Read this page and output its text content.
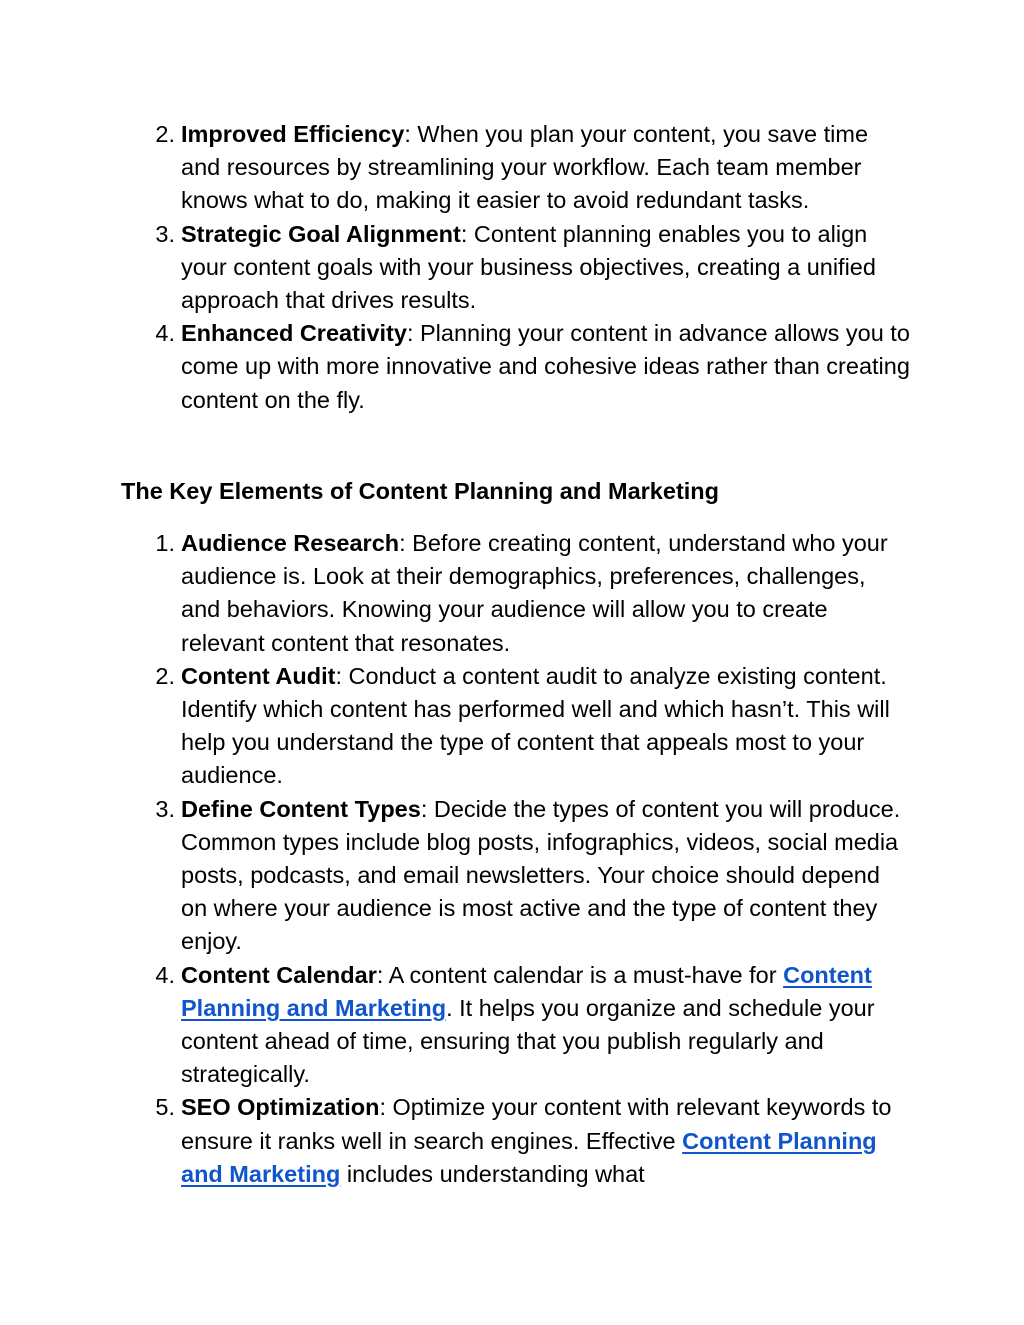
2. Improved Efficiency: When you plan your content, you save time and resources by streamlining your workflow. Each team member knows what to do, making it easier to avoid redundant tasks.
3. Strategic Goal Alignment: Content planning enables you to align your content goals with your business objectives, creating a unified approach that drives results.
4. Enhanced Creativity: Planning your content in advance allows you to come up with more innovative and cohesive ideas rather than creating content on the fly.
The Key Elements of Content Planning and Marketing
1. Audience Research: Before creating content, understand who your audience is. Look at their demographics, preferences, challenges, and behaviors. Knowing your audience will allow you to create relevant content that resonates.
2. Content Audit: Conduct a content audit to analyze existing content. Identify which content has performed well and which hasn’t. This will help you understand the type of content that appeals most to your audience.
3. Define Content Types: Decide the types of content you will produce. Common types include blog posts, infographics, videos, social media posts, podcasts, and email newsletters. Your choice should depend on where your audience is most active and the type of content they enjoy.
4. Content Calendar: A content calendar is a must-have for Content Planning and Marketing. It helps you organize and schedule your content ahead of time, ensuring that you publish regularly and strategically.
5. SEO Optimization: Optimize your content with relevant keywords to ensure it ranks well in search engines. Effective Content Planning and Marketing includes understanding what
